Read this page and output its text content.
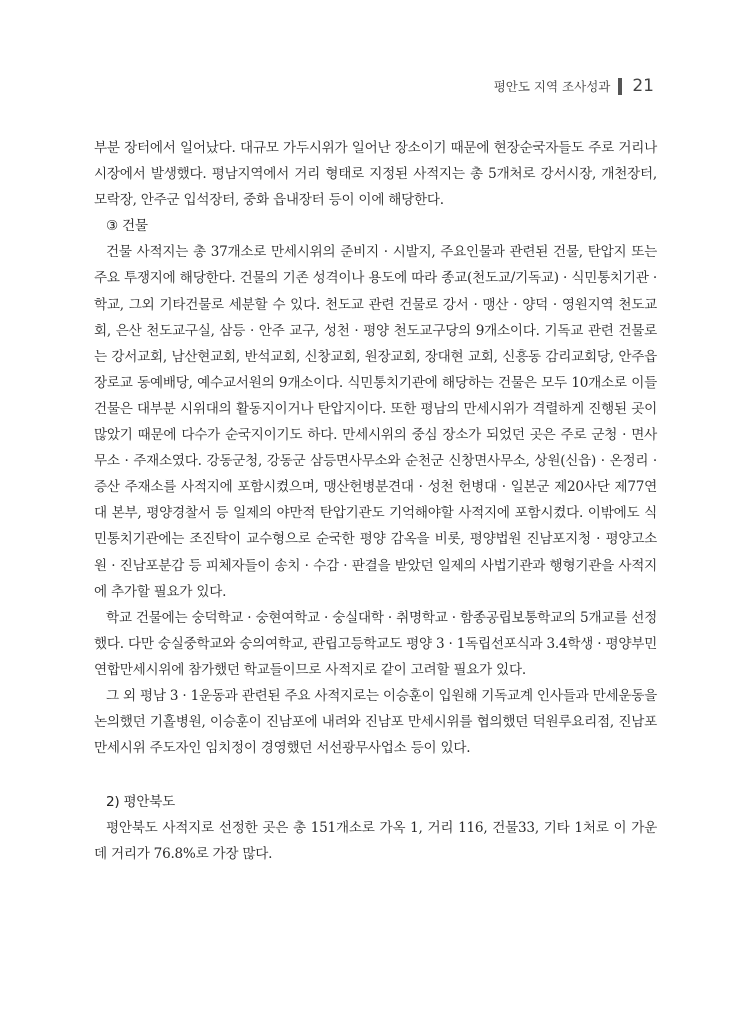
평안도 지역 조사성과 21

부분 장터에서 일어났다. 대규모 가두시위가 일어난 장소이기 때문에 현장순국자들도 주로 거리나 시장에서 발생했다. 평남지역에서 거리 형태로 지정된 사적지는 총 5개처로 강서시장, 개천장터, 모락장, 안주군 입석장터, 중화 읍내장터 등이 이에 해당한다.

③ 건물

건물 사적지는 총 37개소로 만세시위의 준비지 · 시발지, 주요인물과 관련된 건물, 탄압지 또는 주요 투쟁지에 해당한다. 건물의 기존 성격이나 용도에 따라 종교(천도교/기독교) · 식민통치기관 · 학교, 그외 기타건물로 세분할 수 있다. 천도교 관련 건물로 강서 · 맹산 · 양덕 · 영원지역 천도교회, 은산 천도교구실, 삼등 · 안주 교구, 성천 · 평양 천도교구당의 9개소이다. 기독교 관련 건물로는 강서교회, 남산현교회, 반석교회, 신창교회, 원장교회, 장대현 교회, 신흥동 감리교회당, 안주읍 장로교 동예배당, 예수교서원의 9개소이다. 식민통치기관에 해당하는 건물은 모두 10개소로 이들 건물은 대부분 시위대의 활동지이거나 탄압지이다. 또한 평남의 만세시위가 격렬하게 진행된 곳이 많았기 때문에 다수가 순국지이기도 하다. 만세시위의 중심 장소가 되었던 곳은 주로 군청 · 면사무소 · 주재소였다. 강동군청, 강동군 삼등면사무소와 순천군 신창면사무소, 상원(신읍) · 온정리 · 증산 주재소를 사적지에 포함시켰으며, 맹산헌병분견대 · 성천 헌병대 · 일본군 제20사단 제77연대 본부, 평양경찰서 등 일제의 야만적 탄압기관도 기억해야할 사적지에 포함시켰다. 이밖에도 식민통치기관에는 조진탁이 교수형으로 순국한 평양 감옥을 비롯, 평양법원 진남포지청 · 평양고소원 · 진남포분감 등 피체자들이 송치 · 수감 · 판결을 받았던 일제의 사법기관과 행형기관을 사적지에 추가할 필요가 있다.

학교 건물에는 숭덕학교 · 숭현여학교 · 숭실대학 · 취명학교 · 함종공립보통학교의 5개교를 선정했다. 다만 숭실중학교와 숭의여학교, 관립고등학교도 평양 3 · 1독립선포식과 3.4학생 · 평양부민 연합만세시위에 참가했던 학교들이므로 사적지로 같이 고려할 필요가 있다.

그 외 평남 3 · 1운동과 관련된 주요 사적지로는 이승훈이 입원해 기독교계 인사들과 만세운동을 논의했던 기홀병원, 이승훈이 진남포에 내려와 진남포 만세시위를 협의했던 덕원루요리점, 진남포만세시위 주도자인 임치정이 경영했던 서선광무사업소 등이 있다.

2) 평안북도

평안북도 사적지로 선정한 곳은 총 151개소로 가옥 1, 거리 116, 건물33, 기타 1처로 이 가운데 거리가 76.8%로 가장 많다.
